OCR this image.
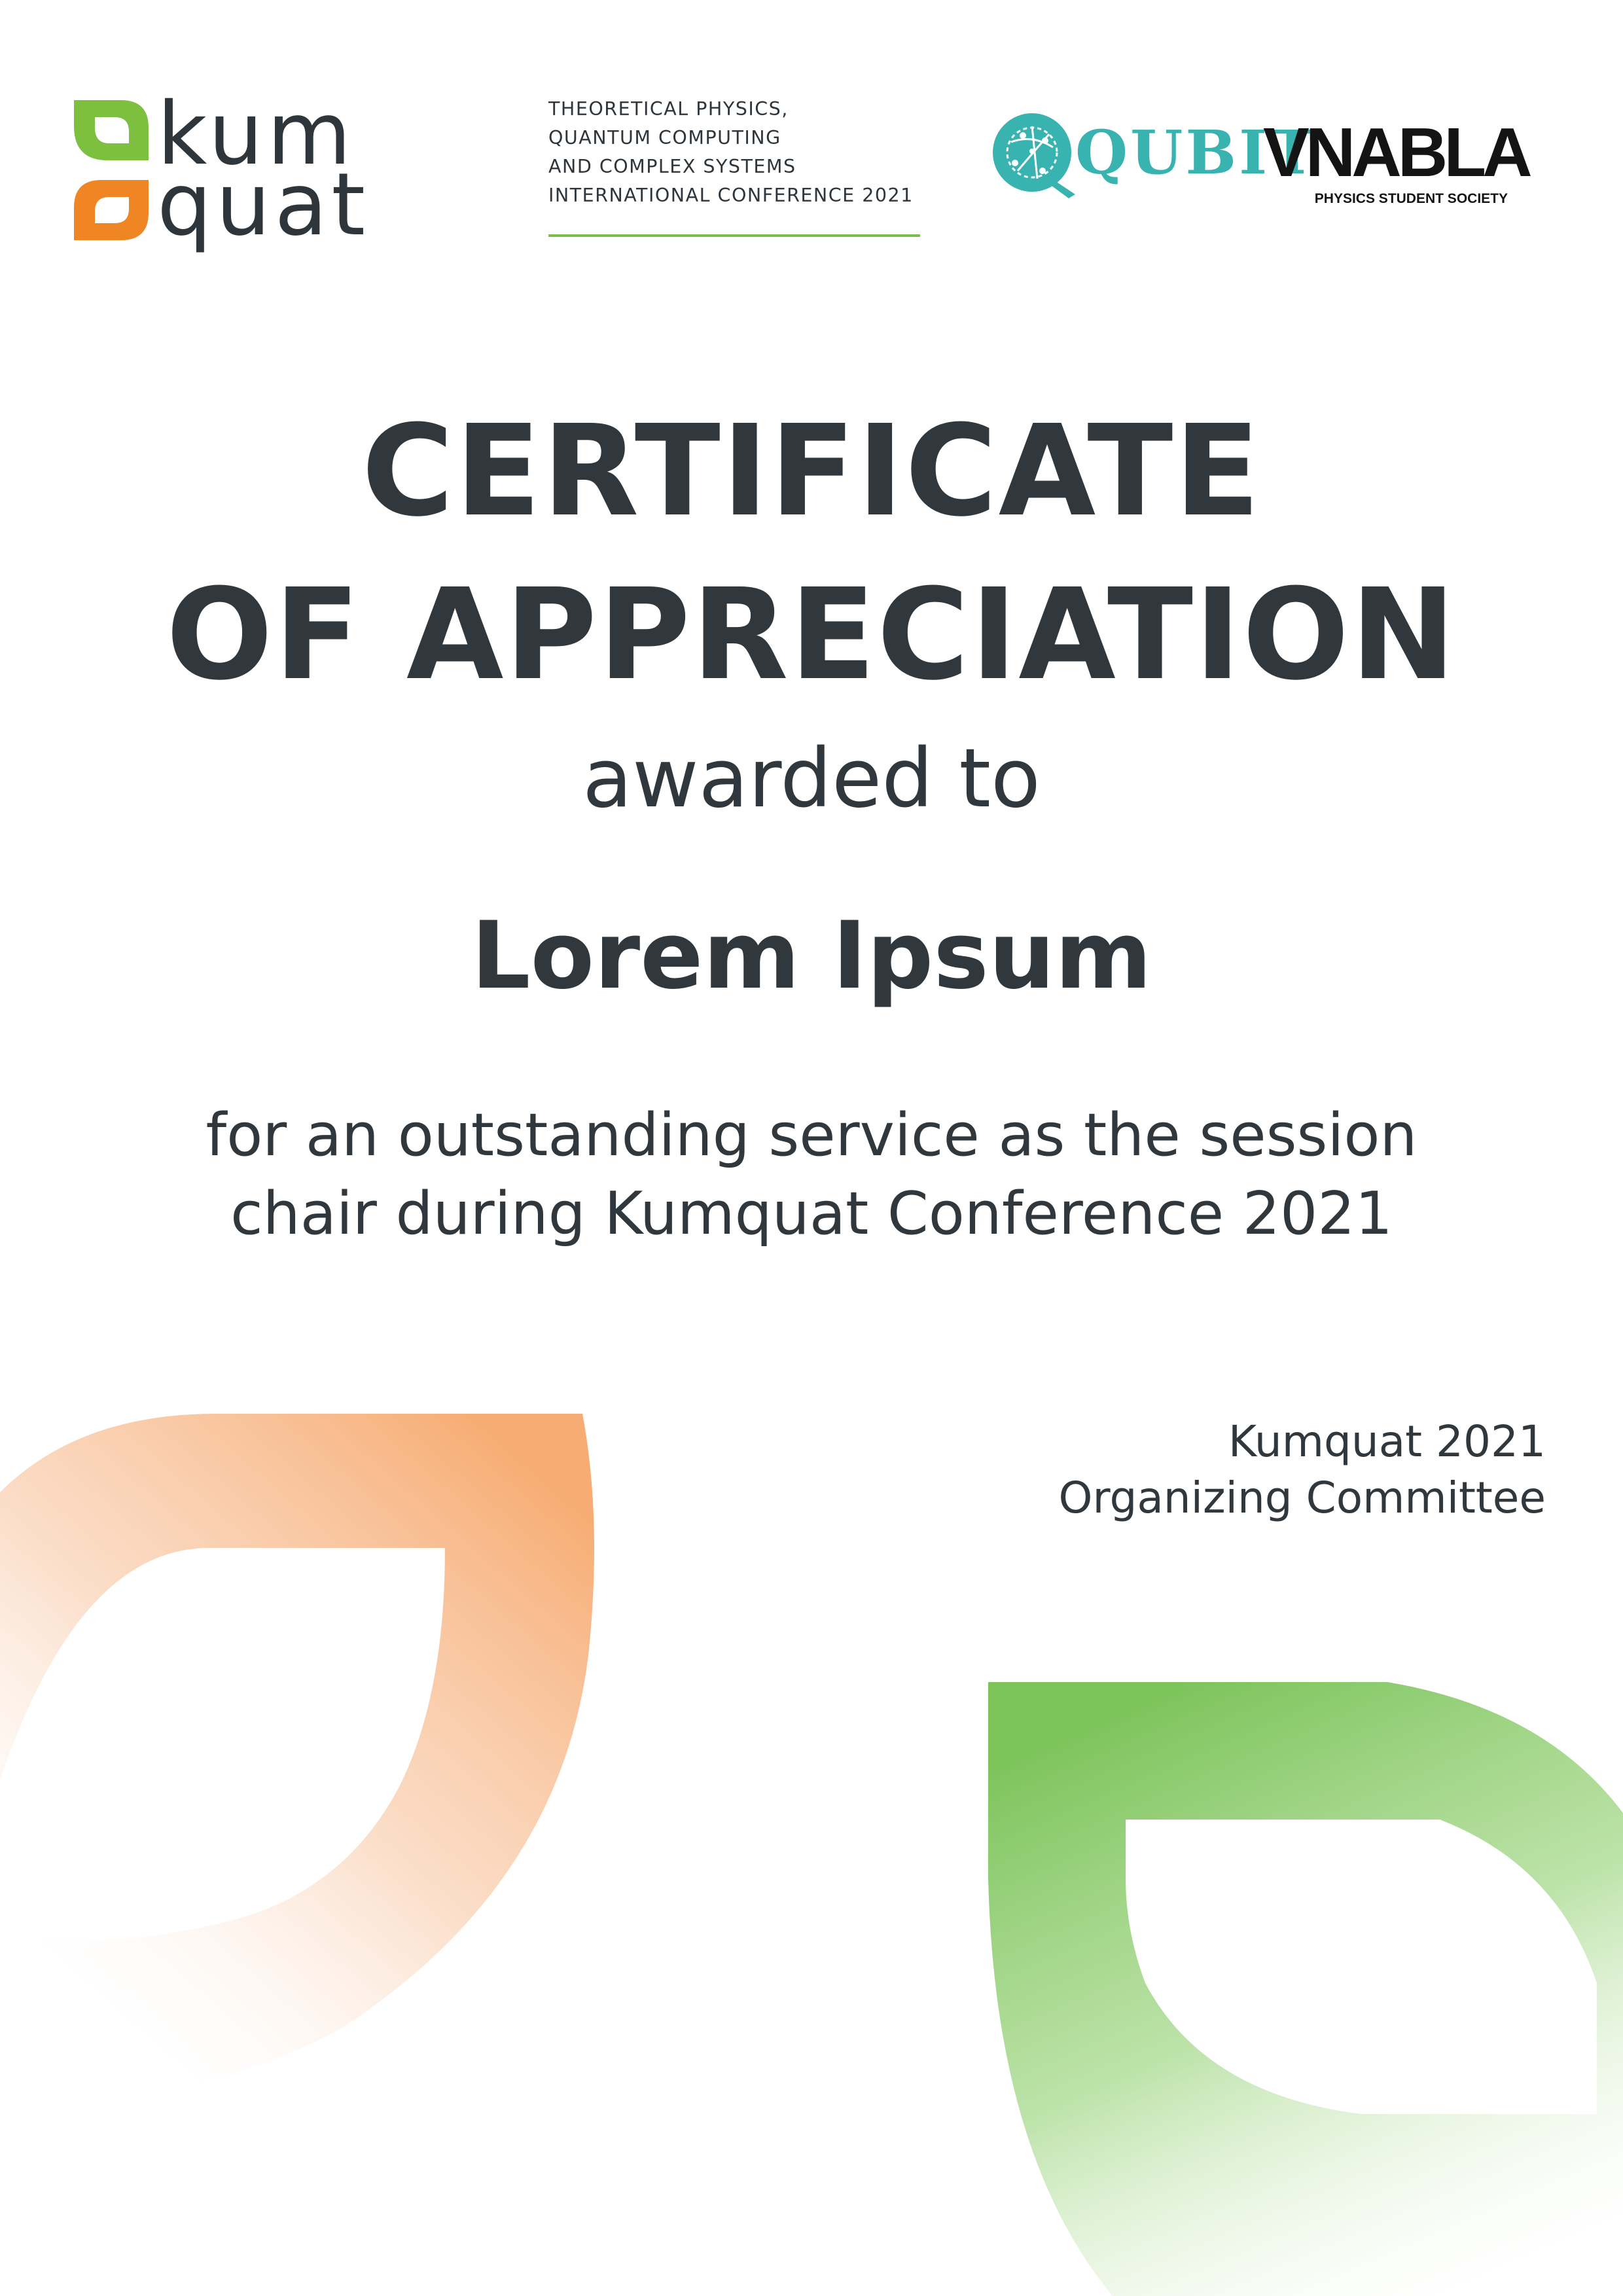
kum
quat
THEORETICAL PHYSICS,
QUANTUM COMPUTING
AND COMPLEX SYSTEMS
INTERNATIONAL CONFERENCE 2021
QUBIT
VNABLA
PHYSICS STUDENT SOCIETY
CERTIFICATE
OF APPRECIATION
awarded to
Lorem Ipsum
for an outstanding service as the session
chair during Kumquat Conference 2021
Kumquat 2021
Organizing Committee
